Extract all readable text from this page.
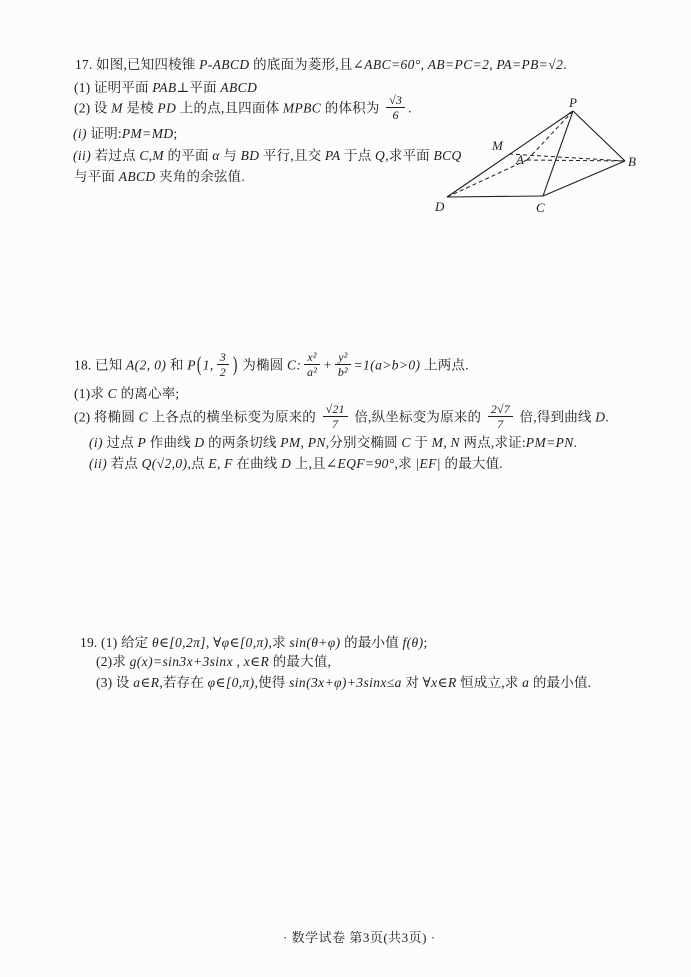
17. 如图,已知四棱锥 P-ABCD 的底面为菱形,且∠ABC=60°, AB=PC=2, PA=PB=√2.
(1) 证明平面 PAB⊥平面 ABCD
(2) 设 M 是棱 PD 上的点,且四面体 MPBC 的体积为 $\frac{√3}{6}$ .
(i) 证明:PM=MD;
(ii) 若过点 C,M 的平面 α 与 BD 平行,且交 PA 于点 Q,求平面 BCQ
与平面 ABCD 夹角的余弦值.
P
M
A	B
C
D
18. 已知 A(2, 0) 和 P(1, $\frac{3}{2}$ ) 为椭圆 C: $\frac{\text{x²}}{\text{a²}} + \frac{\text{y²}}{\text{b²}} =1(a>b>0)$ 上两点.
(1)求 C 的离心率;
(2) 将椭圆 C 上各点的横坐标变为原来的 $\frac{√21}{7}$ 倍,纵坐标变为原来的 $\frac{2√7}{7}$ 倍,得到曲线 D.
(i) 过点 P 作曲线 D 的两条切线 PM, PN,分别交椭圆 C 于 M, N 两点,求证:PM=PN.
(ii) 若点 Q(√2,0),点 E, F 在曲线 D 上,且∠EQF=90°,求 |EF| 的最大值.
19. (1) 给定 θ∈[0,2π], ∀φ∈[0,π),求 sin(θ+φ) 的最小值 f(θ);
(2)求 g(x)=sin3x+3sinx , x∈R 的最大值,
(3) 设 a∈R,若存在 φ∈[0,π),使得 sin(3x+φ)+3sinx≤a 对 ∀x∈R 恒成立,求 a 的最小值.
· 数学试卷 第3页(共3页) ·
